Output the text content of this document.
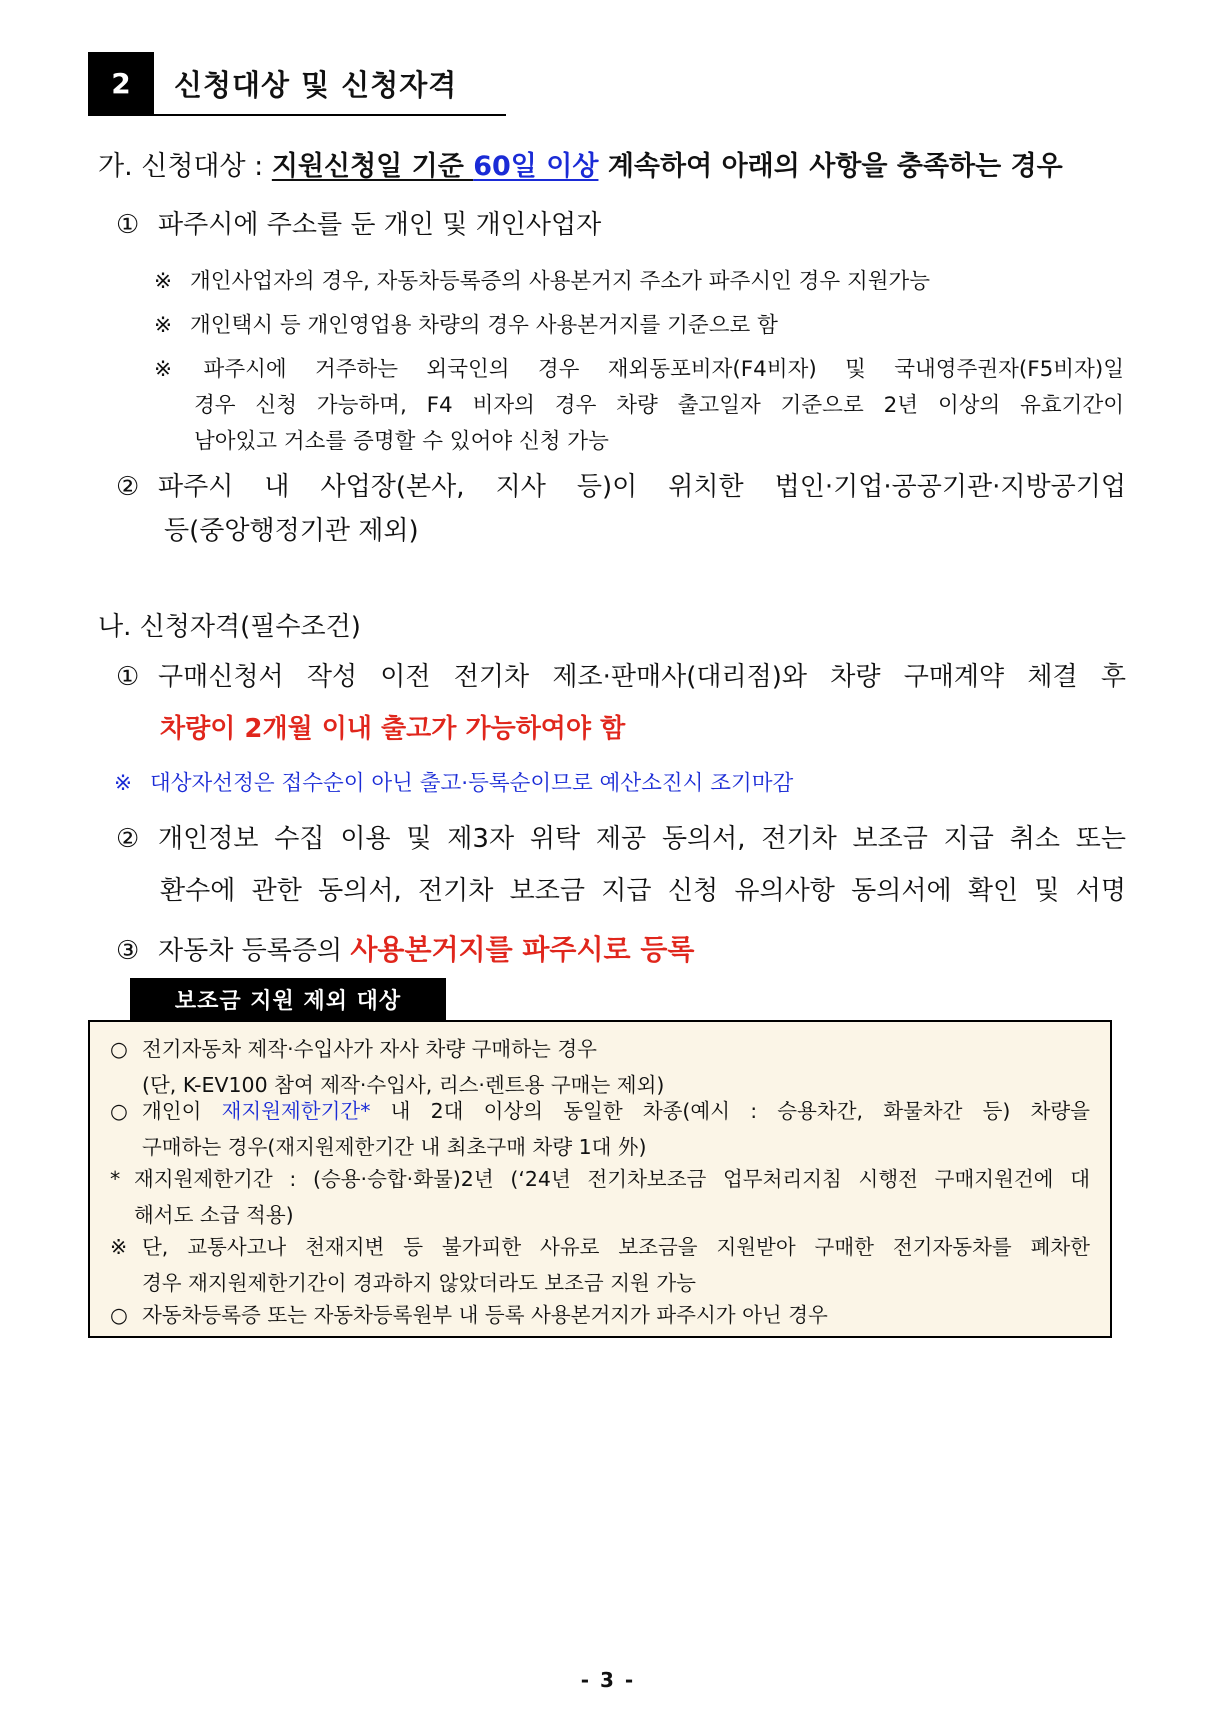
2	신청대상 및 신청자격
가. 신청대상 : 지원신청일 기준 60일 이상 계속하여 아래의 사항을 충족하는 경우
① 파주시에 주소를 둔 개인 및 개인사업자
※ 개인사업자의 경우, 자동차등록증의 사용본거지 주소가 파주시인 경우 지원가능
※ 개인택시 등 개인영업용 차량의 경우 사용본거지를 기준으로 함
※ 파주시에 거주하는 외국인의 경우 재외동포비자(F4비자) 및 국내영주권자(F5비자)일
경우 신청 가능하며, F4 비자의 경우 차량 출고일자 기준으로 2년 이상의 유효기간이
남아있고 거소를 증명할 수 있어야 신청 가능
② 파주시 내 사업장(본사, 지사 등)이 위치한 법인·기업·공공기관·지방공기업
등(중앙행정기관 제외)
나. 신청자격(필수조건)
① 구매신청서 작성 이전 전기차 제조·판매사(대리점)와 차량 구매계약 체결 후
차량이 2개월 이내 출고가 가능하여야 함
※ 대상자선정은 접수순이 아닌 출고·등록순이므로 예산소진시 조기마감
② 개인정보 수집 이용 및 제3자 위탁 제공 동의서, 전기차 보조금 지급 취소 또는
환수에 관한 동의서, 전기차 보조금 지급 신청 유의사항 동의서에 확인 및 서명
③ 자동차 등록증의 사용본거지를 파주시로 등록
보조금 지원 제외 대상
○ 전기자동차 제작·수입사가 자사 차량 구매하는 경우
(단, K-EV100 참여 제작·수입사, 리스·렌트용 구매는 제외)
○ 개인이 재지원제한기간* 내 2대 이상의 동일한 차종(예시 : 승용차간, 화물차간 등) 차량을
구매하는 경우(재지원제한기간 내 최초구매 차량 1대 外)
* 재지원제한기간 : (승용·승합·화물)2년 (‘24년 전기차보조금 업무처리지침 시행전 구매지원건에 대
해서도 소급 적용)
※ 단, 교통사고나 천재지변 등 불가피한 사유로 보조금을 지원받아 구매한 전기자동차를 폐차한
경우 재지원제한기간이 경과하지 않았더라도 보조금 지원 가능
○ 자동차등록증 또는 자동차등록원부 내 등록 사용본거지가 파주시가 아닌 경우
- 3 -
